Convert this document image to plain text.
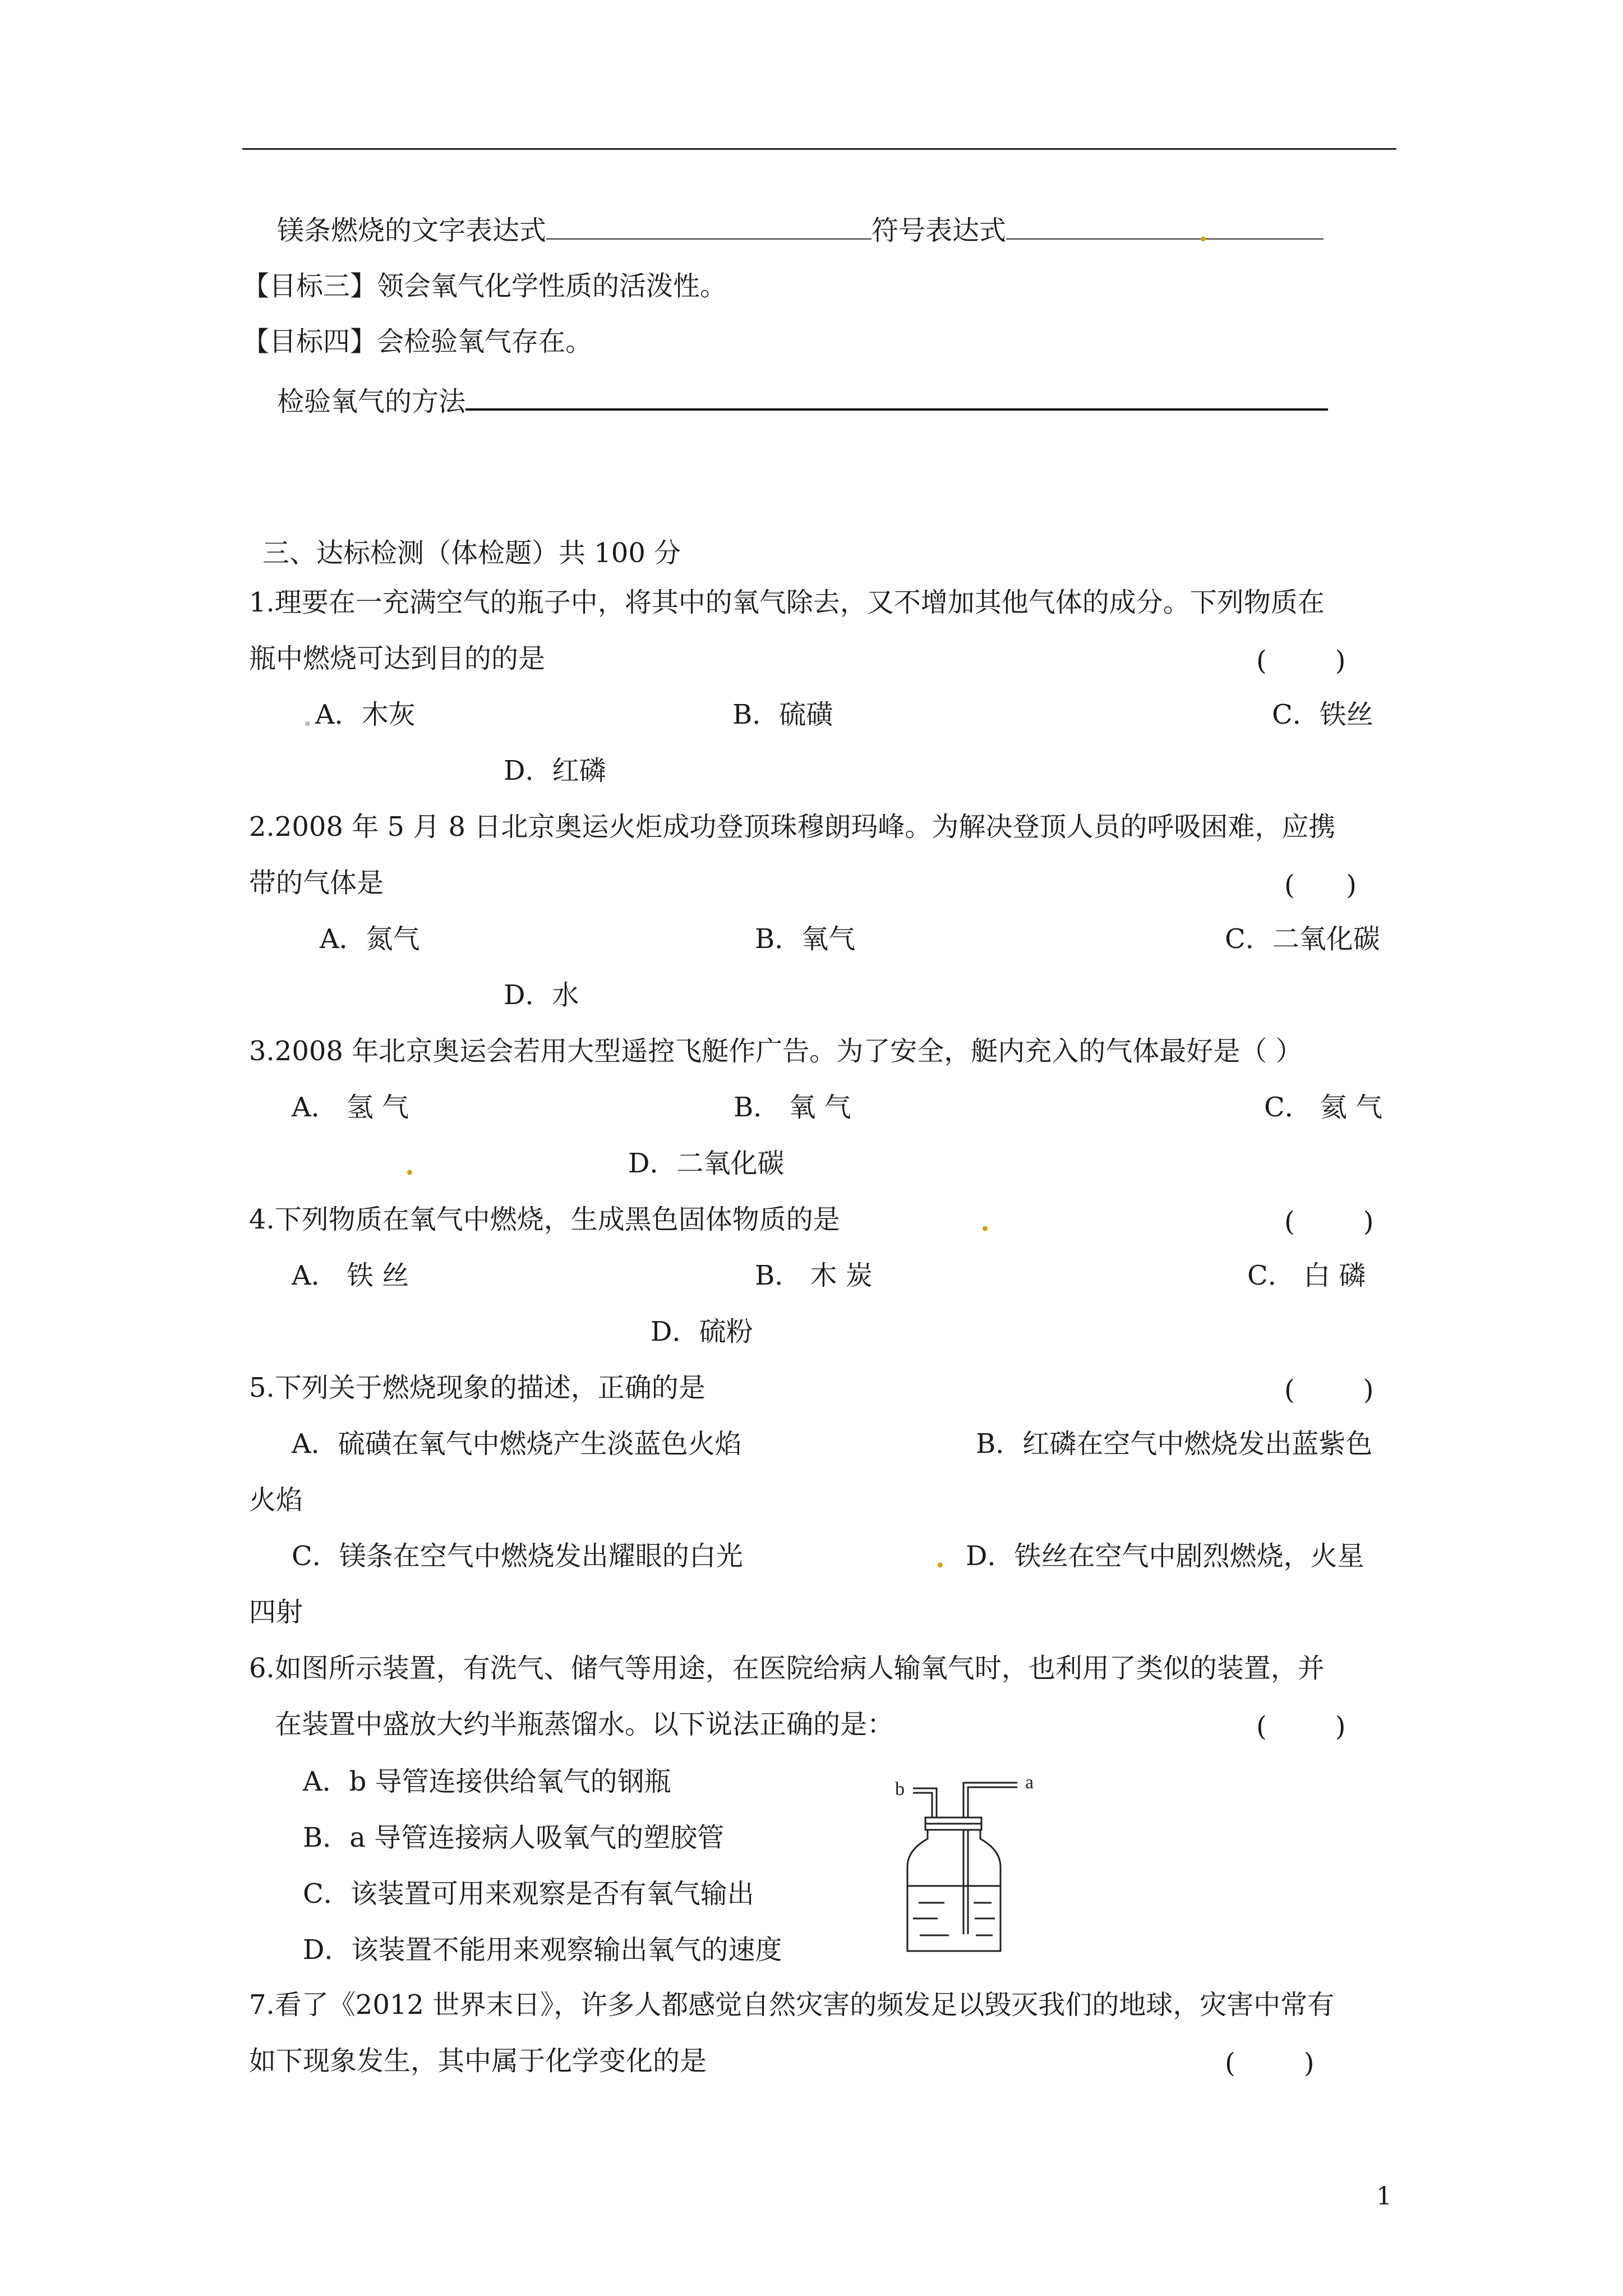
镁条燃烧的文字表达式	符号表达式	.
【目标三】领会氧气化学性质的活泼性。
【目标四】会检验氧气存在。
检验氧气的方法
三、达标检测（体检题）共 100 分
1.理要在一充满空气的瓶子中，将其中的氧气除去，又不增加其他气体的成分。下列物质在
瓶中燃烧可达到目的的是	(        )
. A．木灰	B．硫磺	C．铁丝
D．红磷
2.2008 年 5 月 8 日北京奥运火炬成功登顶珠穆朗玛峰。为解决登顶人员的呼吸困难，应携
带的气体是	(      )
A．氮气	B．氧气	C．二氧化碳
D．水
3.2008 年北京奥运会若用大型遥控飞艇作广告。为了安全，艇内充入的气体最好是（ ）
A． 氢 气	B． 氧 气	C． 氦 气
.	D．二氧化碳
4.下列物质在氧气中燃烧，生成黑色固体物质的是	.	(        )
A． 铁 丝	B． 木 炭	C． 白 磷
D．硫粉
5.下列关于燃烧现象的描述，正确的是	(        )
A．硫磺在氧气中燃烧产生淡蓝色火焰	B．红磷在空气中燃烧发出蓝紫色
火焰
C．镁条在空气中燃烧发出耀眼的白光	. D．铁丝在空气中剧烈燃烧，火星
四射
6.如图所示装置，有洗气、储气等用途，在医院给病人输氧气时，也利用了类似的装置，并
在装置中盛放大约半瓶蒸馏水。以下说法正确的是：	(        )
A．b 导管连接供给氧气的钢瓶
B．a 导管连接病人吸氧气的塑胶管
C．该装置可用来观察是否有氧气输出
D．该装置不能用来观察输出氧气的速度
b	a
7.看了《2012 世界末日》，许多人都感觉自然灾害的频发足以毁灭我们的地球，灾害中常有
如下现象发生，其中属于化学变化的是	(        )
1
